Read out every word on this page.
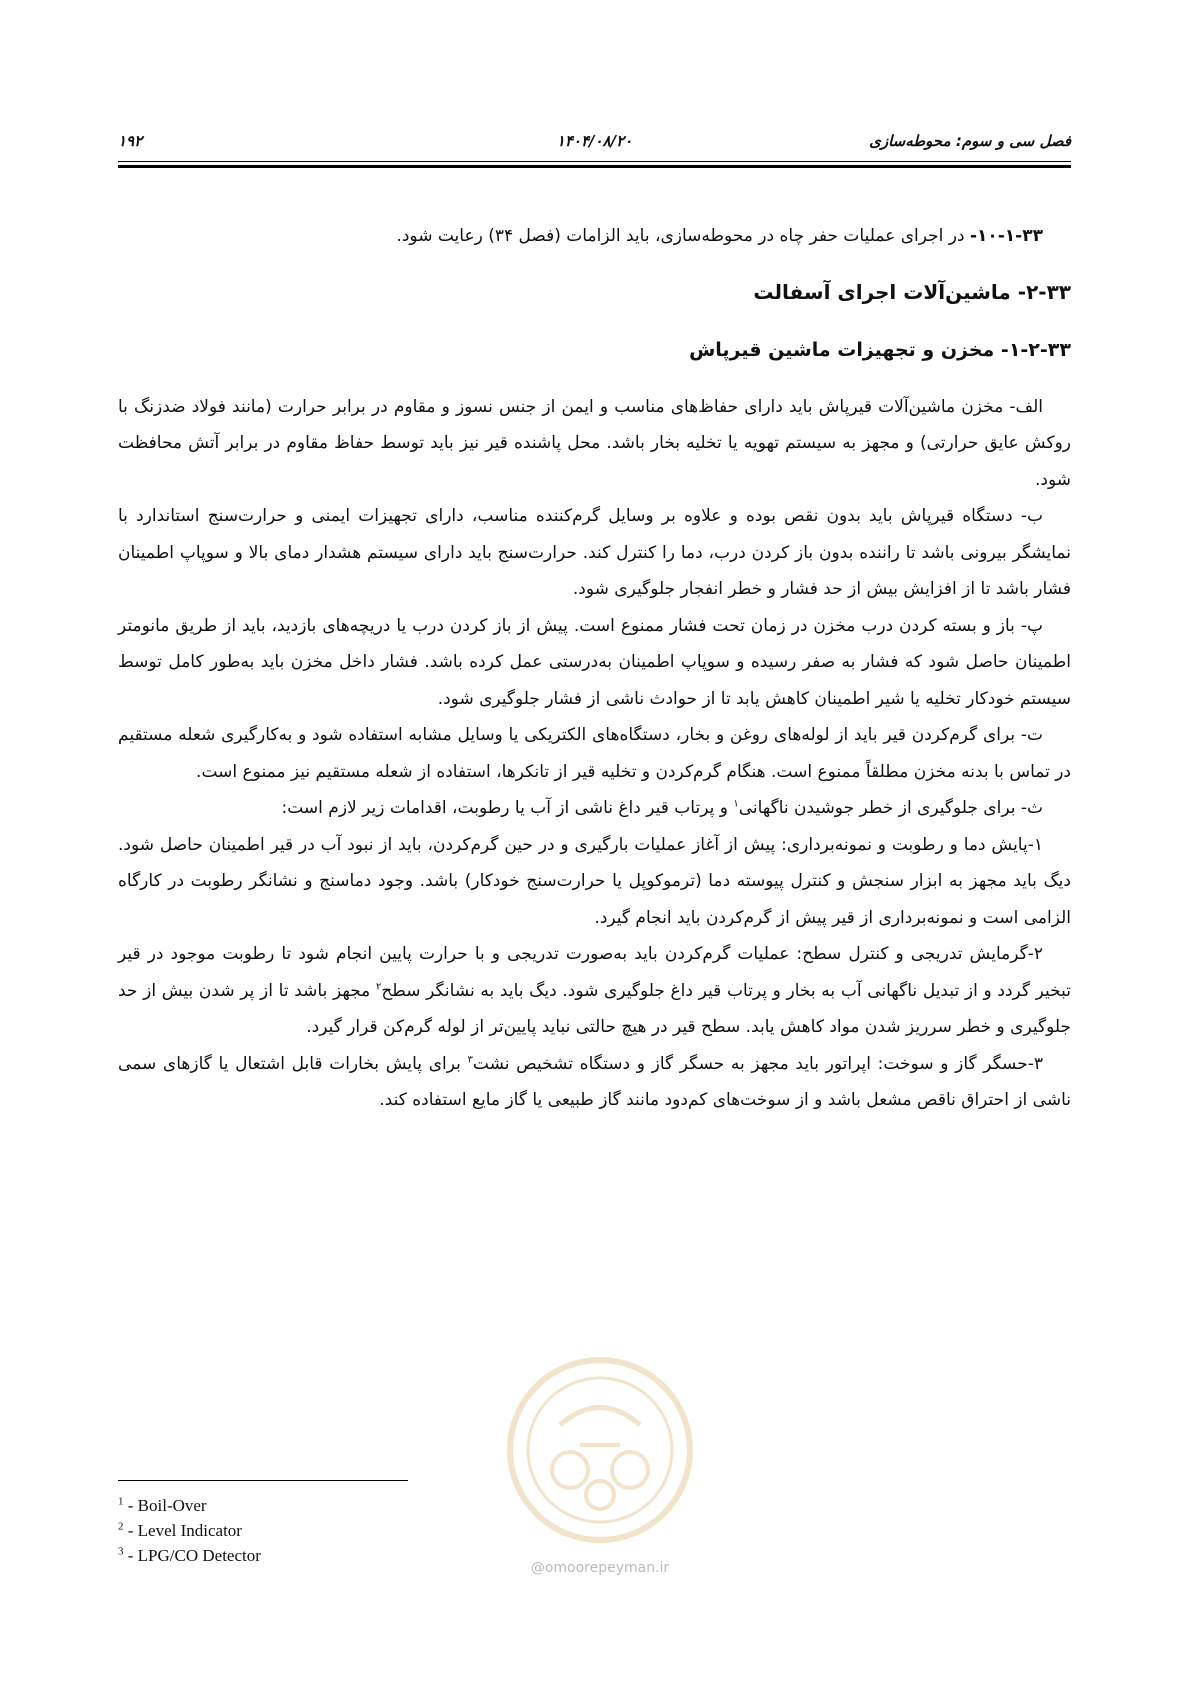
فصل سی و سوم: محوطه‌سازی
۱۴۰۴/۰۸/۲۰
۱۹۲

۱۰-۱-۳۳- در اجرای عملیات حفر چاه در محوطه‌سازی، باید الزامات (فصل ۳۴) رعایت شود.

۲-۳۳- ماشین‌آلات اجرای آسفالت

۱-۲-۳۳- مخزن و تجهیزات ماشین قیرپاش

الف- مخزن ماشین‌آلات قیرپاش باید دارای حفاظ‌های مناسب و ایمن از جنس نسوز و مقاوم در برابر حرارت (مانند فولاد ضدزنگ با روکش عایق حرارتی) و مجهز به سیستم تهویه یا تخلیه بخار باشد. محل پاشنده قیر نیز باید توسط حفاظ مقاوم در برابر آتش محافظت شود.

ب- دستگاه قیرپاش باید بدون نقص بوده و علاوه بر وسایل گرم‌کننده مناسب، دارای تجهیزات ایمنی و حرارت‌سنج استاندارد با نمایشگر بیرونی باشد تا راننده بدون باز کردن درب، دما را کنترل کند. حرارت‌سنج باید دارای سیستم هشدار دمای بالا و سوپاپ اطمینان فشار باشد تا از افزایش بیش از حد فشار و خطر انفجار جلوگیری شود.

پ- باز و بسته کردن درب مخزن در زمان تحت فشار ممنوع است. پیش از باز کردن درب یا دریچه‌های بازدید، باید از طریق مانومتر اطمینان حاصل شود که فشار به صفر رسیده و سوپاپ اطمینان به‌درستی عمل کرده باشد. فشار داخل مخزن باید به‌طور کامل توسط سیستم خودکار تخلیه یا شیر اطمینان کاهش یابد تا از حوادث ناشی از فشار جلوگیری شود.

ت- برای گرم‌کردن قیر باید از لوله‌های روغن و بخار، دستگاه‌های الکتریکی یا وسایل مشابه استفاده شود و به‌کارگیری شعله مستقیم در تماس با بدنه مخزن مطلقاً ممنوع است. هنگام گرم‌کردن و تخلیه قیر از تانکرها، استفاده از شعله مستقیم نیز ممنوع است.

ث- برای جلوگیری از خطر جوشیدن ناگهانی$^۱$ و پرتاب قیر داغ ناشی از آب یا رطوبت، اقدامات زیر لازم است:

۱-پایش دما و رطوبت و نمونه‌برداری: پیش از آغاز عملیات بارگیری و در حین گرم‌کردن، باید از نبود آب در قیر اطمینان حاصل شود. دیگ باید مجهز به ابزار سنجش و کنترل پیوسته دما (ترموکوپل یا حرارت‌سنج خودکار) باشد. وجود دماسنج و نشانگر رطوبت در کارگاه الزامی است و نمونه‌برداری از قیر پیش از گرم‌کردن باید انجام گیرد.

۲-گرمایش تدریجی و کنترل سطح: عملیات گرم‌کردن باید به‌صورت تدریجی و با حرارت پایین انجام شود تا رطوبت موجود در قیر تبخیر گردد و از تبدیل ناگهانی آب به بخار و پرتاب قیر داغ جلوگیری شود. دیگ باید به نشانگر سطح$^۲$ مجهز باشد تا از پر شدن بیش از حد جلوگیری و خطر سرریز شدن مواد کاهش یابد. سطح قیر در هیچ حالتی نباید پایین‌تر از لوله گرم‌کن قرار گیرد.

۳-حسگر گاز و سوخت: اپراتور باید مجهز به حسگر گاز و دستگاه تشخیص نشت$^۳$ برای پایش بخارات قابل اشتعال یا گازهای سمی ناشی از احتراق ناقص مشعل باشد و از سوخت‌های کم‌دود مانند گاز طبیعی یا گاز مایع استفاده کند.

@omoorepeyman.ir
$^1$ - Boil-Over
$^2$ - Level Indicator
$^3$ - LPG/CO Detector
